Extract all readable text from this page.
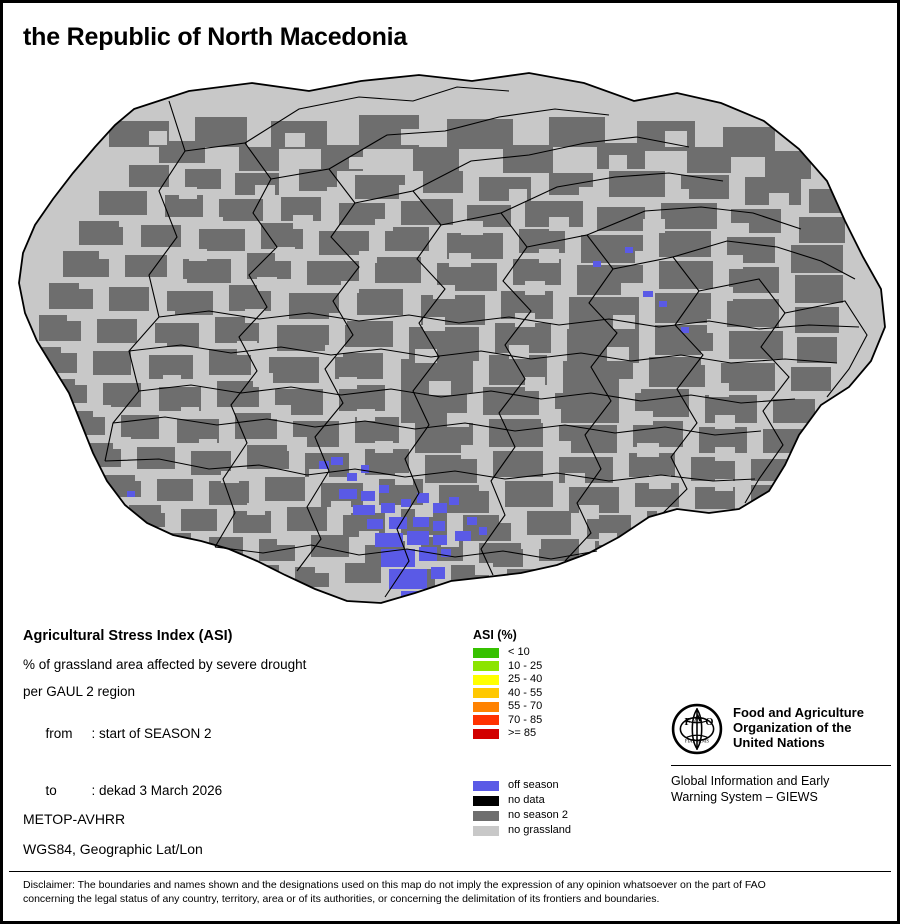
the Republic of North Macedonia
Agricultural Stress Index (ASI)
% of grassland area affected by severe drought
per GAUL 2 region

from : start of SEASON 2

to	: dekad 3 March 2026

METOP-AVHRR
WGS84, Geographic Lat/Lon
ASI (%)
< 10
10 - 25
25 - 40
40 - 55
55 - 70
70 - 85
>= 85
off season
no data
no season 2
no grassland
F A O
FIAT PANIS
Food and Agriculture
Organization of the
United Nations
Global Information and Early
Warning System – GIEWS
Disclaimer: The boundaries and names shown and the designations used on this map do not imply the expression of any opinion whatsoever on the part of FAO
concerning the legal status of any country, territory, area or of its authorities, or concerning the delimitation of its frontiers and boundaries.
